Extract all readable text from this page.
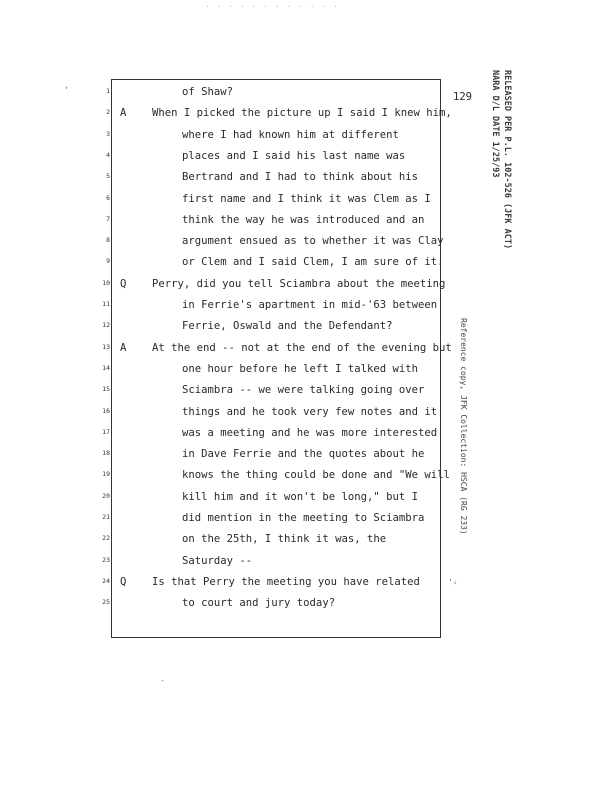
· · · · · · · · · · · ·
1	of Shaw?
2 A When I picked the picture up I said I knew him,
3	where I had known him at different
4	places and I said his last name was
5	Bertrand and I had to think about his
6	first name and I think it was Clem as I
7	think the way he was introduced and an
8	argument ensued as to whether it was Clay
9	or Clem and I said Clem, I am sure of it.
10 Q Perry, did you tell Sciambra about the meeting
11	in Ferrie's apartment in mid-'63 between
12	Ferrie, Oswald and the Defendant?
13 A At the end -- not at the end of the evening but
14	one hour before he left I talked with
15	Sciambra -- we were talking going over
16	things and he took very few notes and it
17	was a meeting and he was more interested
18	in Dave Ferrie and the quotes about he
19	knows the thing could be done and "We will
20	kill him and it won't be long," but I
21	did mention in the meeting to Sciambra
22	on the 25th, I think it was, the
23	Saturday --
24 Q Is that Perry the meeting you have related
25	to court and jury today?
129	RELEASED PER P.L. 102-526 (JFK ACT)
NARA D/L DATE 1/25/93
Reference copy, JFK Collection: HSCA (RG 233)
ʼ
ʼ‹
-
